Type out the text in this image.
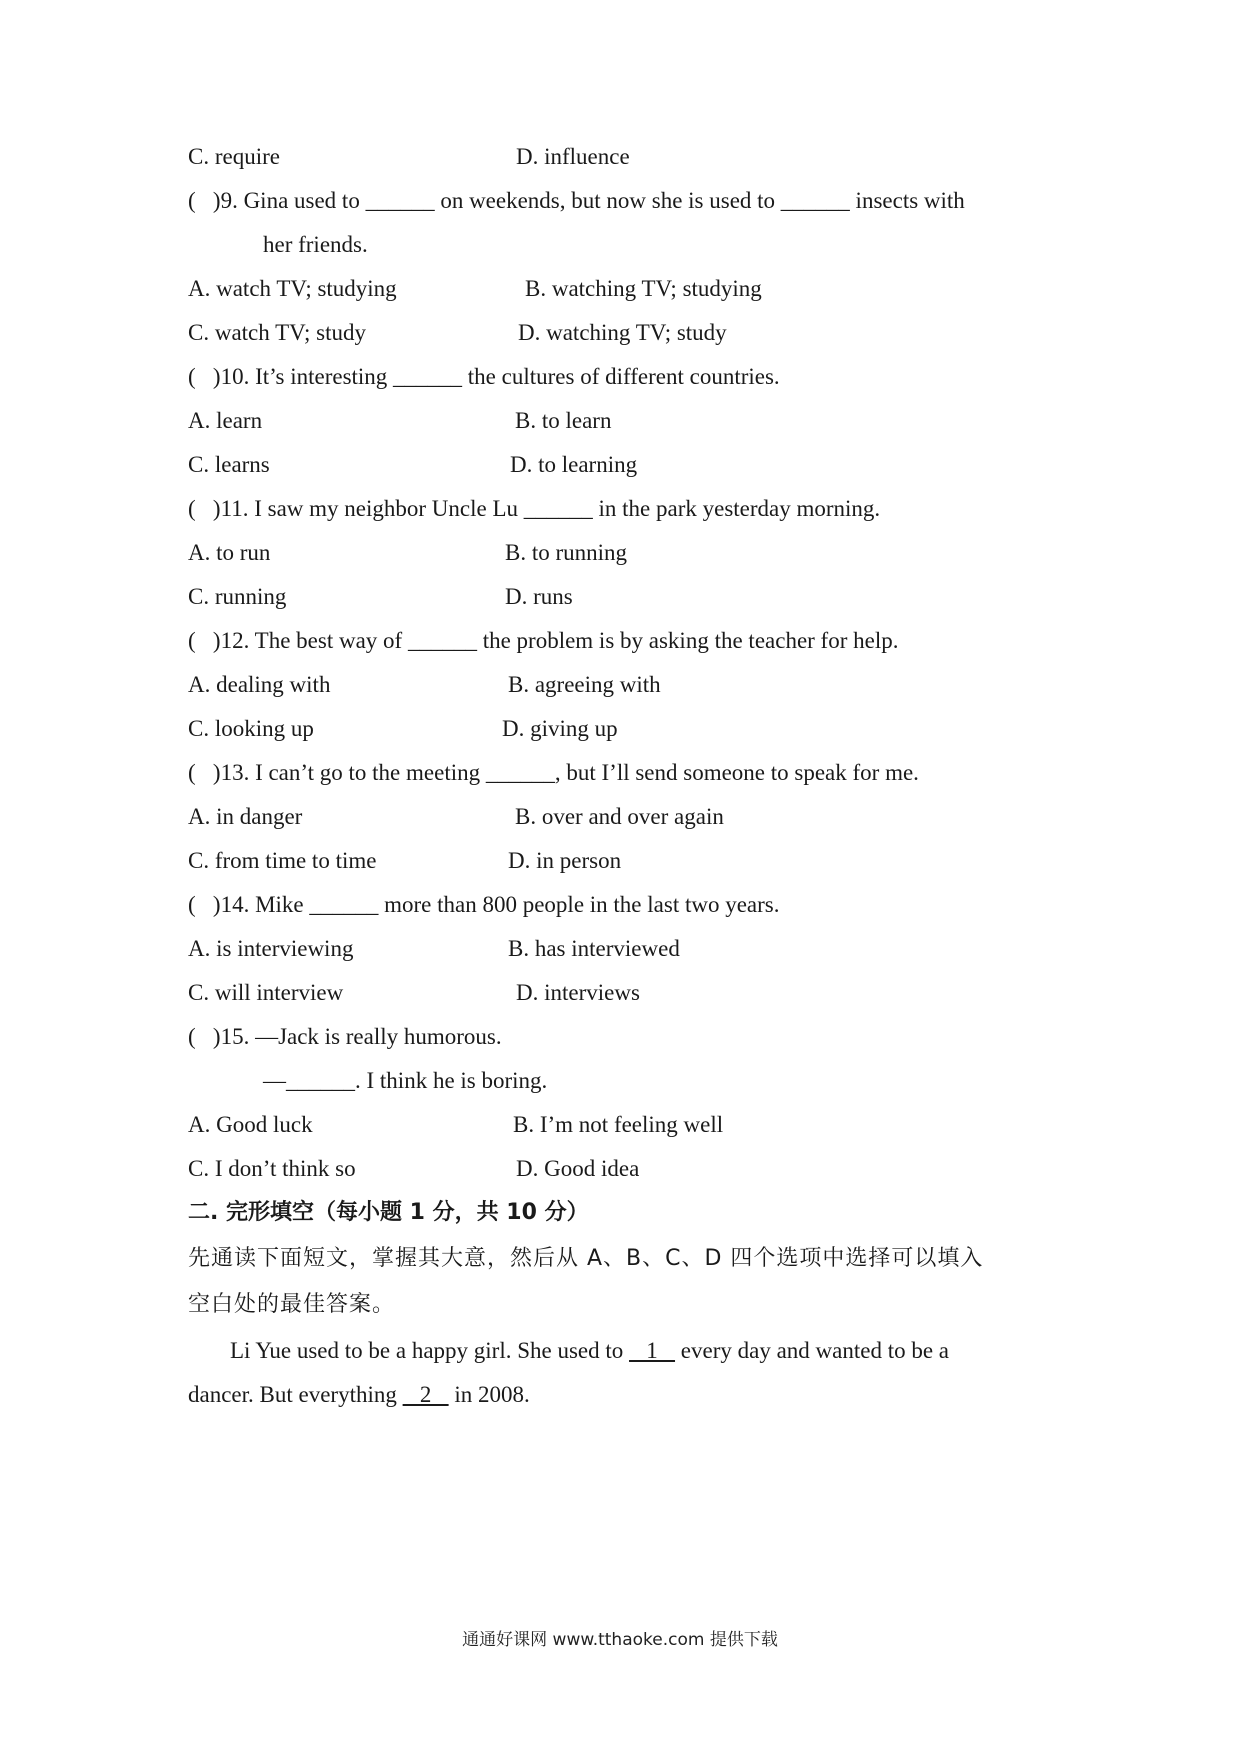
C. require	D. influence
(   )9. Gina used to ______ on weekends, but now she is used to ______ insects with
her friends.
A. watch TV; studying	B. watching TV; studying
C. watch TV; study	D. watching TV; study
(   )10. It’s interesting ______ the cultures of different countries.
A. learn	B. to learn
C. learns	D. to learning
(   )11. I saw my neighbor Uncle Lu ______ in the park yesterday morning.
A. to run	B. to running
C. running	D. runs
(   )12. The best way of ______ the problem is by asking the teacher for help.
A. dealing with	B. agreeing with
C. looking up	D. giving up
(   )13. I can’t go to the meeting ______, but I’ll send someone to speak for me.
A. in danger	B. over and over again
C. from time to time	D. in person
(   )14. Mike ______ more than 800 people in the last two years.
A. is interviewing	B. has interviewed
C. will interview	D. interviews
(   )15. —Jack is really humorous.
—______. I think he is boring.
A. Good luck	B. I’m not feeling well
C. I don’t think so	D. Good idea
二. 完形填空（每小题 1 分，共 10 分）
先通读下面短文，掌握其大意，然后从 A、B、C、D 四个选项中选择可以填入
空白处的最佳答案。
Li Yue used to be a happy girl. She used to    1    every day and wanted to be a
dancer. But everything    2    in 2008.
通通好课网 www.tthaoke.com 提供下载
